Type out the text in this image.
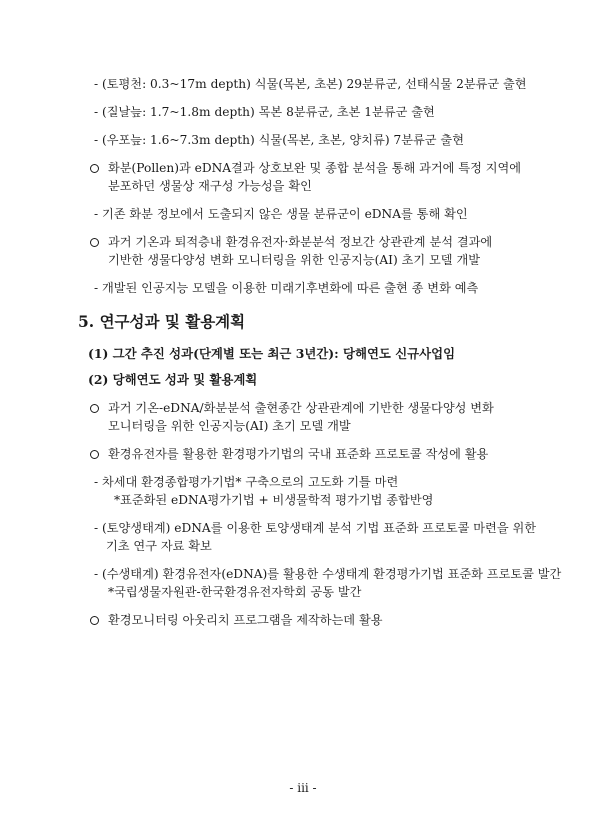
- (토평천: 0.3~17m depth) 식물(목본, 초본) 29분류군, 선태식물 2분류군 출현
- (질날늪: 1.7~1.8m depth) 목본 8분류군, 초본 1분류군 출현
- (우포늪: 1.6~7.3m depth) 식물(목본, 초본, 양치류) 7분류군 출현
화분(Pollen)과 eDNA결과 상호보완 및 종합 분석을 통해 과거에 특정 지역에
분포하던 생물상 재구성 가능성을 확인
- 기존 화분 정보에서 도출되지 않은 생물 분류군이 eDNA를 통해 확인
과거 기온과 퇴적층내 환경유전자·화분분석 정보간 상관관계 분석 결과에
기반한 생물다양성 변화 모니터링을 위한 인공지능(AI) 초기 모델 개발
- 개발된 인공지능 모델을 이용한 미래기후변화에 따른 출현 종 변화 예측
5. 연구성과 및 활용계획
(1) 그간 추진 성과(단계별 또는 최근 3년간): 당해연도 신규사업임
(2) 당해연도 성과 및 활용계획
과거 기온-eDNA/화분분석 출현종간 상관관계에 기반한 생물다양성 변화
모니터링을 위한 인공지능(AI) 초기 모델 개발
환경유전자를 활용한 환경평가기법의 국내 표준화 프로토콜 작성에 활용
- 차세대 환경종합평가기법* 구축으로의 고도화 기틀 마련
*표준화된 eDNA평가기법 + 비생물학적 평가기법 종합반영
- (토양생태계) eDNA를 이용한 토양생태계 분석 기법 표준화 프로토콜 마련을 위한
기초 연구 자료 확보
- (수생태계) 환경유전자(eDNA)를 활용한 수생태계 환경평가기법 표준화 프로토콜 발간
*국립생물자원관-한국환경유전자학회 공동 발간
환경모니터링 아웃리치 프로그램을 제작하는데 활용
- iii -
